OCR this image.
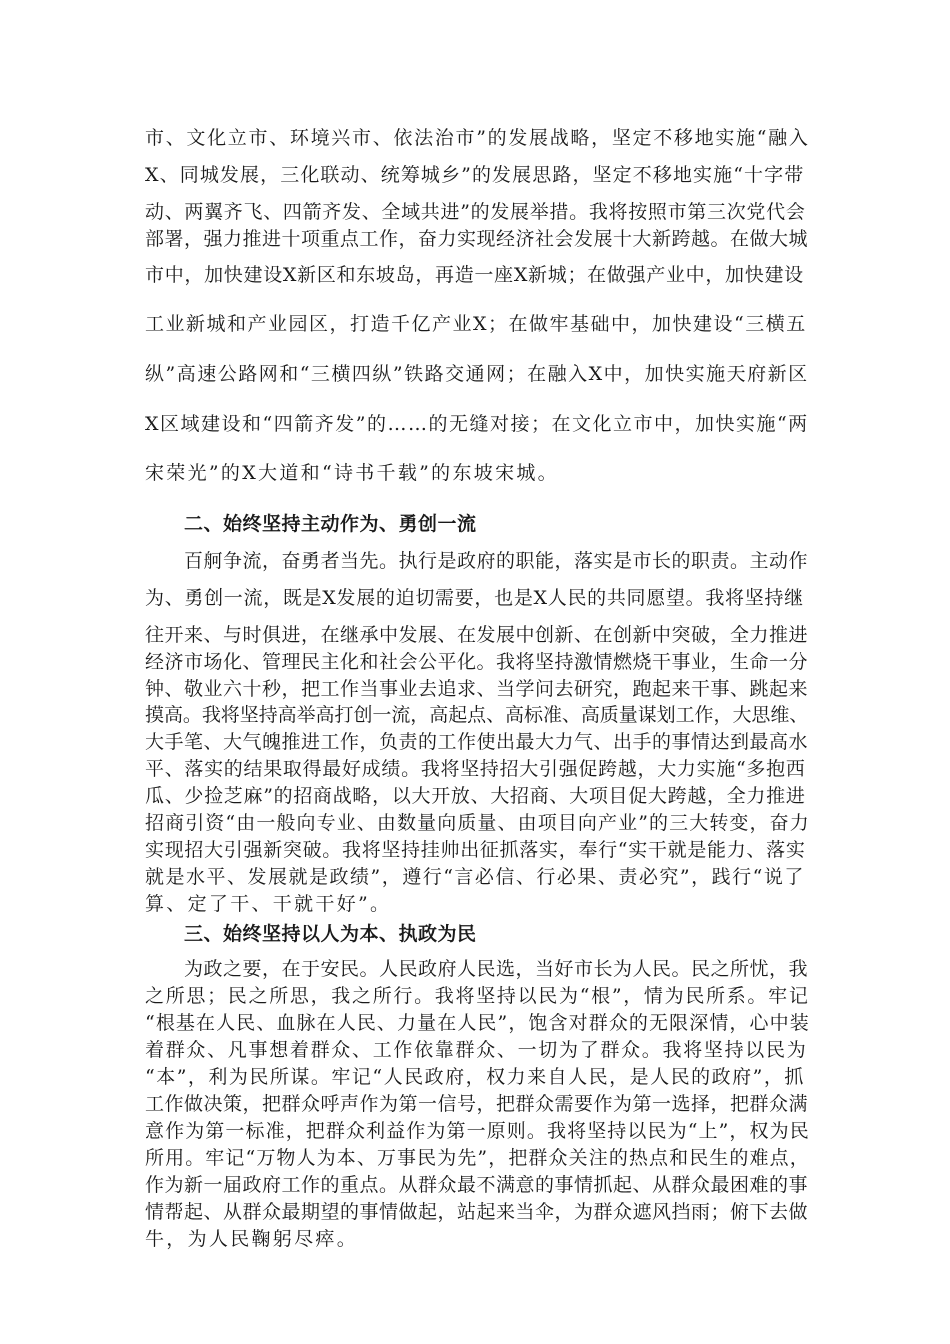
市、文化立市、环境兴市、依法治市”的发展战略，坚定不移地实施“融入
X、同城发展，三化联动、统筹城乡”的发展思路，坚定不移地实施“十字带
动、两翼齐飞、四箭齐发、全域共进”的发展举措。我将按照市第三次党代会
部署，强力推进十项重点工作，奋力实现经济社会发展十大新跨越。在做大城
市中，加快建设X新区和东坡岛，再造一座X新城；在做强产业中，加快建设
工业新城和产业园区，打造千亿产业X；在做牢基础中，加快建设“三横五
纵”高速公路网和“三横四纵”铁路交通网；在融入X中，加快实施天府新区
X区域建设和“四箭齐发”的……的无缝对接；在文化立市中，加快实施“两
宋荣光”的X大道和“诗书千载”的东坡宋城。
二、始终坚持主动作为、勇创一流
　　百舸争流，奋勇者当先。执行是政府的职能，落实是市长的职责。主动作
为、勇创一流，既是X发展的迫切需要，也是X人民的共同愿望。我将坚持继
往开来、与时俱进，在继承中发展、在发展中创新、在创新中突破，全力推进
经济市场化、管理民主化和社会公平化。我将坚持激情燃烧干事业，生命一分
钟、敬业六十秒，把工作当事业去追求、当学问去研究，跑起来干事、跳起来
摸高。我将坚持高举高打创一流，高起点、高标准、高质量谋划工作，大思维、
大手笔、大气魄推进工作，负责的工作使出最大力气、出手的事情达到最高水
平、落实的结果取得最好成绩。我将坚持招大引强促跨越，大力实施“多抱西
瓜、少捡芝麻”的招商战略，以大开放、大招商、大项目促大跨越，全力推进
招商引资“由一般向专业、由数量向质量、由项目向产业”的三大转变，奋力
实现招大引强新突破。我将坚持挂帅出征抓落实，奉行“实干就是能力、落实
就是水平、发展就是政绩”，遵行“言必信、行必果、责必究”，践行“说了
算、定了干、干就干好”。
三、始终坚持以人为本、执政为民
　　为政之要，在于安民。人民政府人民选，当好市长为人民。民之所忧，我
之所思；民之所思，我之所行。我将坚持以民为“根”，情为民所系。牢记
“根基在人民、血脉在人民、力量在人民”，饱含对群众的无限深情，心中装
着群众、凡事想着群众、工作依靠群众、一切为了群众。我将坚持以民为
“本”，利为民所谋。牢记“人民政府，权力来自人民，是人民的政府”，抓
工作做决策，把群众呼声作为第一信号，把群众需要作为第一选择，把群众满
意作为第一标准，把群众利益作为第一原则。我将坚持以民为“上”，权为民
所用。牢记“万物人为本、万事民为先”，把群众关注的热点和民生的难点，
作为新一届政府工作的重点。从群众最不满意的事情抓起、从群众最困难的事
情帮起、从群众最期望的事情做起，站起来当伞，为群众遮风挡雨；俯下去做
牛，为人民鞠躬尽瘁。
